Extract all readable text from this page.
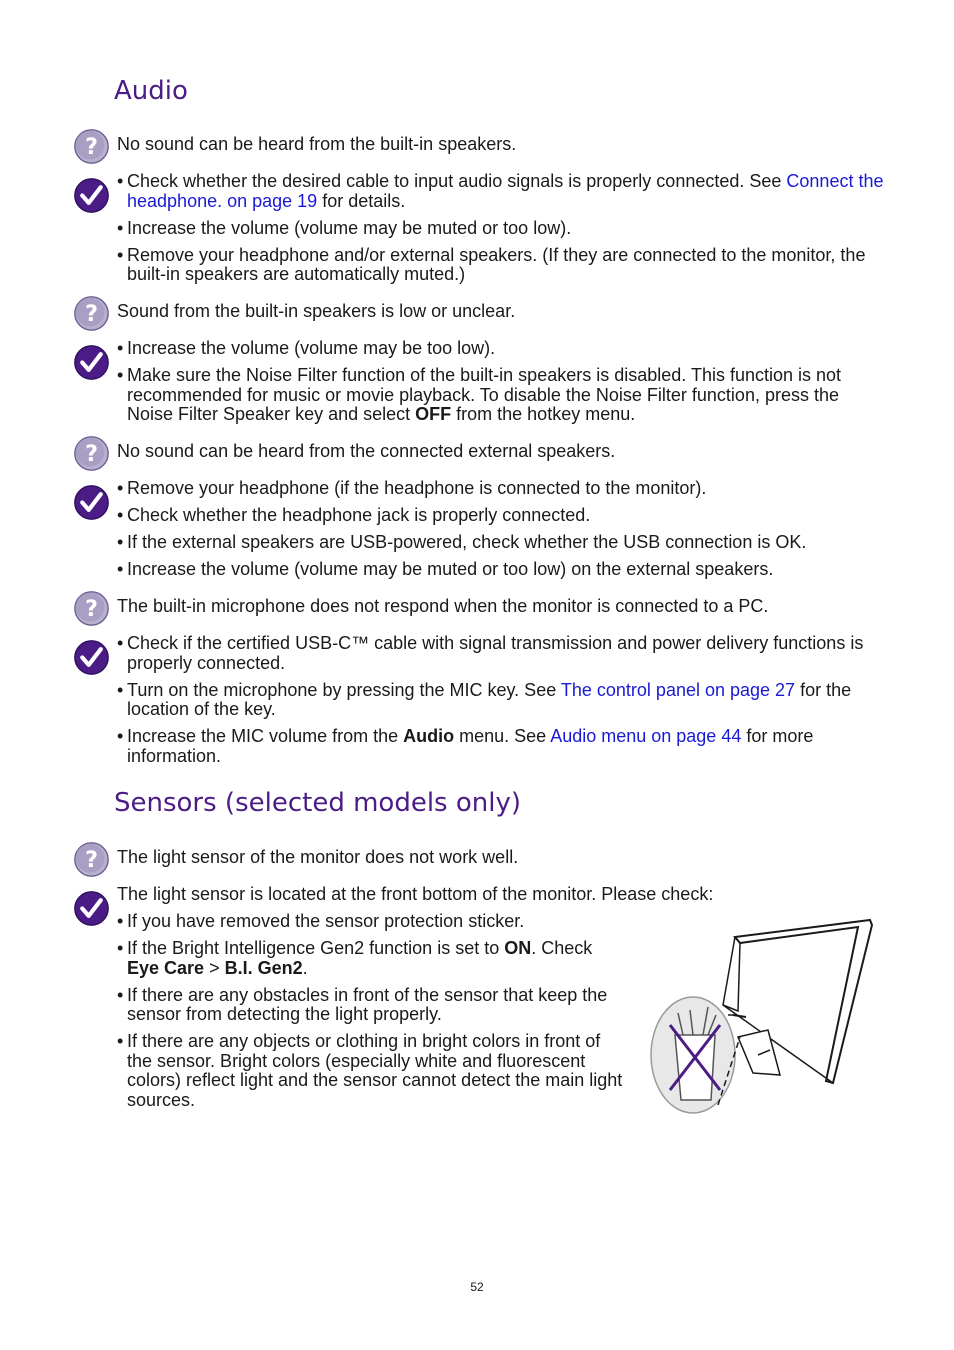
Audio

No sound can be heard from the built-in speakers.

• Check whether the desired cable to input audio signals is properly connected. See Connect the headphone. on page 19 for details.
• Increase the volume (volume may be muted or too low).
• Remove your headphone and/or external speakers. (If they are connected to the monitor, the built-in speakers are automatically muted.)

Sound from the built-in speakers is low or unclear.

• Increase the volume (volume may be too low).
• Make sure the Noise Filter function of the built-in speakers is disabled. This function is not recommended for music or movie playback. To disable the Noise Filter function, press the Noise Filter Speaker key and select OFF from the hotkey menu.

No sound can be heard from the connected external speakers.

• Remove your headphone (if the headphone is connected to the monitor).
• Check whether the headphone jack is properly connected.
• If the external speakers are USB-powered, check whether the USB connection is OK.
• Increase the volume (volume may be muted or too low) on the external speakers.

The built-in microphone does not respond when the monitor is connected to a PC.

• Check if the certified USB-C™ cable with signal transmission and power delivery functions is properly connected.
• Turn on the microphone by pressing the MIC key. See The control panel on page 27 for the location of the key.
• Increase the MIC volume from the Audio menu. See Audio menu on page 44 for more information.
Sensors (selected models only)

The light sensor of the monitor does not work well.

The light sensor is located at the front bottom of the monitor. Please check:

• If you have removed the sensor protection sticker.
• If the Bright Intelligence Gen2 function is set to ON. Check Eye Care > B.I. Gen2.
• If there are any obstacles in front of the sensor that keep the sensor from detecting the light properly.
• If there are any objects or clothing in bright colors in front of the sensor. Bright colors (especially white and fluorescent colors) reflect light and the sensor cannot detect the main light sources.
52
